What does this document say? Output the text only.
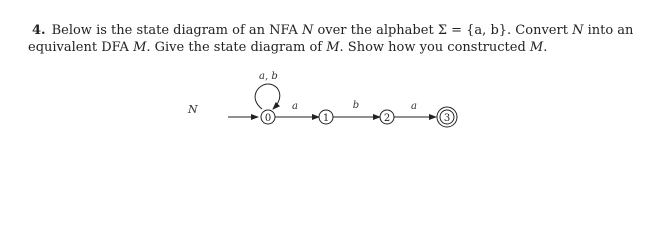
4. Below is the state diagram of an NFA N over the alphabet Σ = {a, b}. Convert N into an
equivalent DFA M. Give the state diagram of M. Show how you constructed M.
N
a, b
0
a
1
b
2
a
3
